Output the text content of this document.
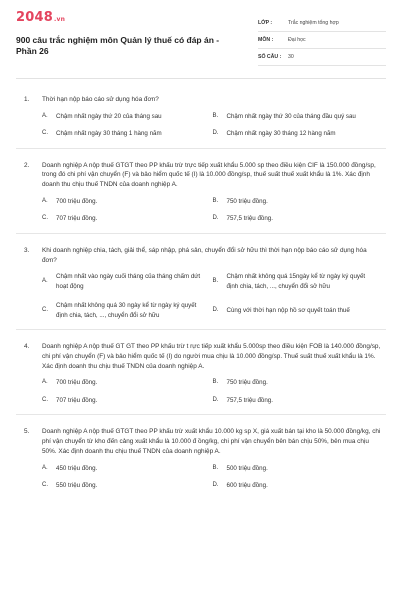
2048.vn
900 câu trắc nghiệm môn Quản lý thuế có đáp án - Phần 26
LỚP :	Trắc nghiệm tổng hợp
MÔN :	Đại học
SỐ CÂU :	30
1.	Thời hạn nộp báo cáo sử dụng hóa đơn?
A.	Chậm nhất ngày thứ 20 của tháng sau	B.	Chậm nhất ngày thứ 30 của tháng đầu quý sau
C.	Chậm nhất ngày 30 tháng 1 hàng năm	D.	Chậm nhất ngày 30 tháng 12 hàng năm
2.	Doanh nghiệp A nộp thuế GTGT theo PP khấu trừ trực tiếp xuất khẩu 5.000 sp theo điều kiện CIF là 150.000 đồng/sp, trong đó chi phí vận chuyển (F) và bảo hiểm quốc tế (I) là 10.000 đồng/sp, thuế suất thuế xuất khẩu là 1%. Xác định doanh thu chịu thuế TNDN của doanh nghiệp A.
A.	700 triệu đồng.	B.	750 triệu đồng.
C.	707 triệu đồng.	D.	757,5 triệu đồng.
3.	Khi doanh nghiệp chia, tách, giải thể, sáp nhập, phá sản, chuyển đổi sở hữu thì thời hạn nộp báo cáo sử dụng hóa đơn?
A.
Chậm nhất vào ngày cuối tháng của tháng chấm dứt hoạt động
B.
Chậm nhất không quá 15ngày kể từ ngày ký quyết định chia, tách, ..., chuyển đổi sở hữu
C.
Chậm nhất không quá 30 ngày kể từ ngày ký quyết định chia, tách, ..., chuyển đổi sở hữu
D.	Cùng với thời hạn nộp hồ sơ quyết toán thuế
4.	Doanh nghiệp A nộp thuế GT GT theo PP khấu trừ t rực tiếp xuất khẩu 5.000sp theo điều kiện FOB là 140.000 đồng/sp, chi phí vận chuyển (F) và bảo hiểm quốc tế (I) do người mua chịu là 10.000 đồng/sp. Thuế suất thuế xuất khẩu là 1%. Xác định doanh thu chịu thuế TNDN của doanh nghiệp A.
A.	700 triệu đồng.	B.	750 triệu đồng.
C.	707 triệu đồng.	D.	757,5 triệu đồng.
5.	Doanh nghiệp A nộp thuế GTGT theo PP khấu trừ xuất khẩu 10.000 kg sp X, giá xuất bán tại kho là 50.000 đồng/kg, chi phí vận chuyển từ kho đến cảng xuất khẩu là 10.000 đ ồng/kg, chi phí vận chuyển bên bán chịu 50%, bên mua chịu 50%. Xác định doanh thu chịu thuế TNDN của doanh nghiệp A.
A.	450 triệu đồng.	B.	500 triệu đồng.
C.	550 triệu đồng.	D.	600 triệu đồng.
